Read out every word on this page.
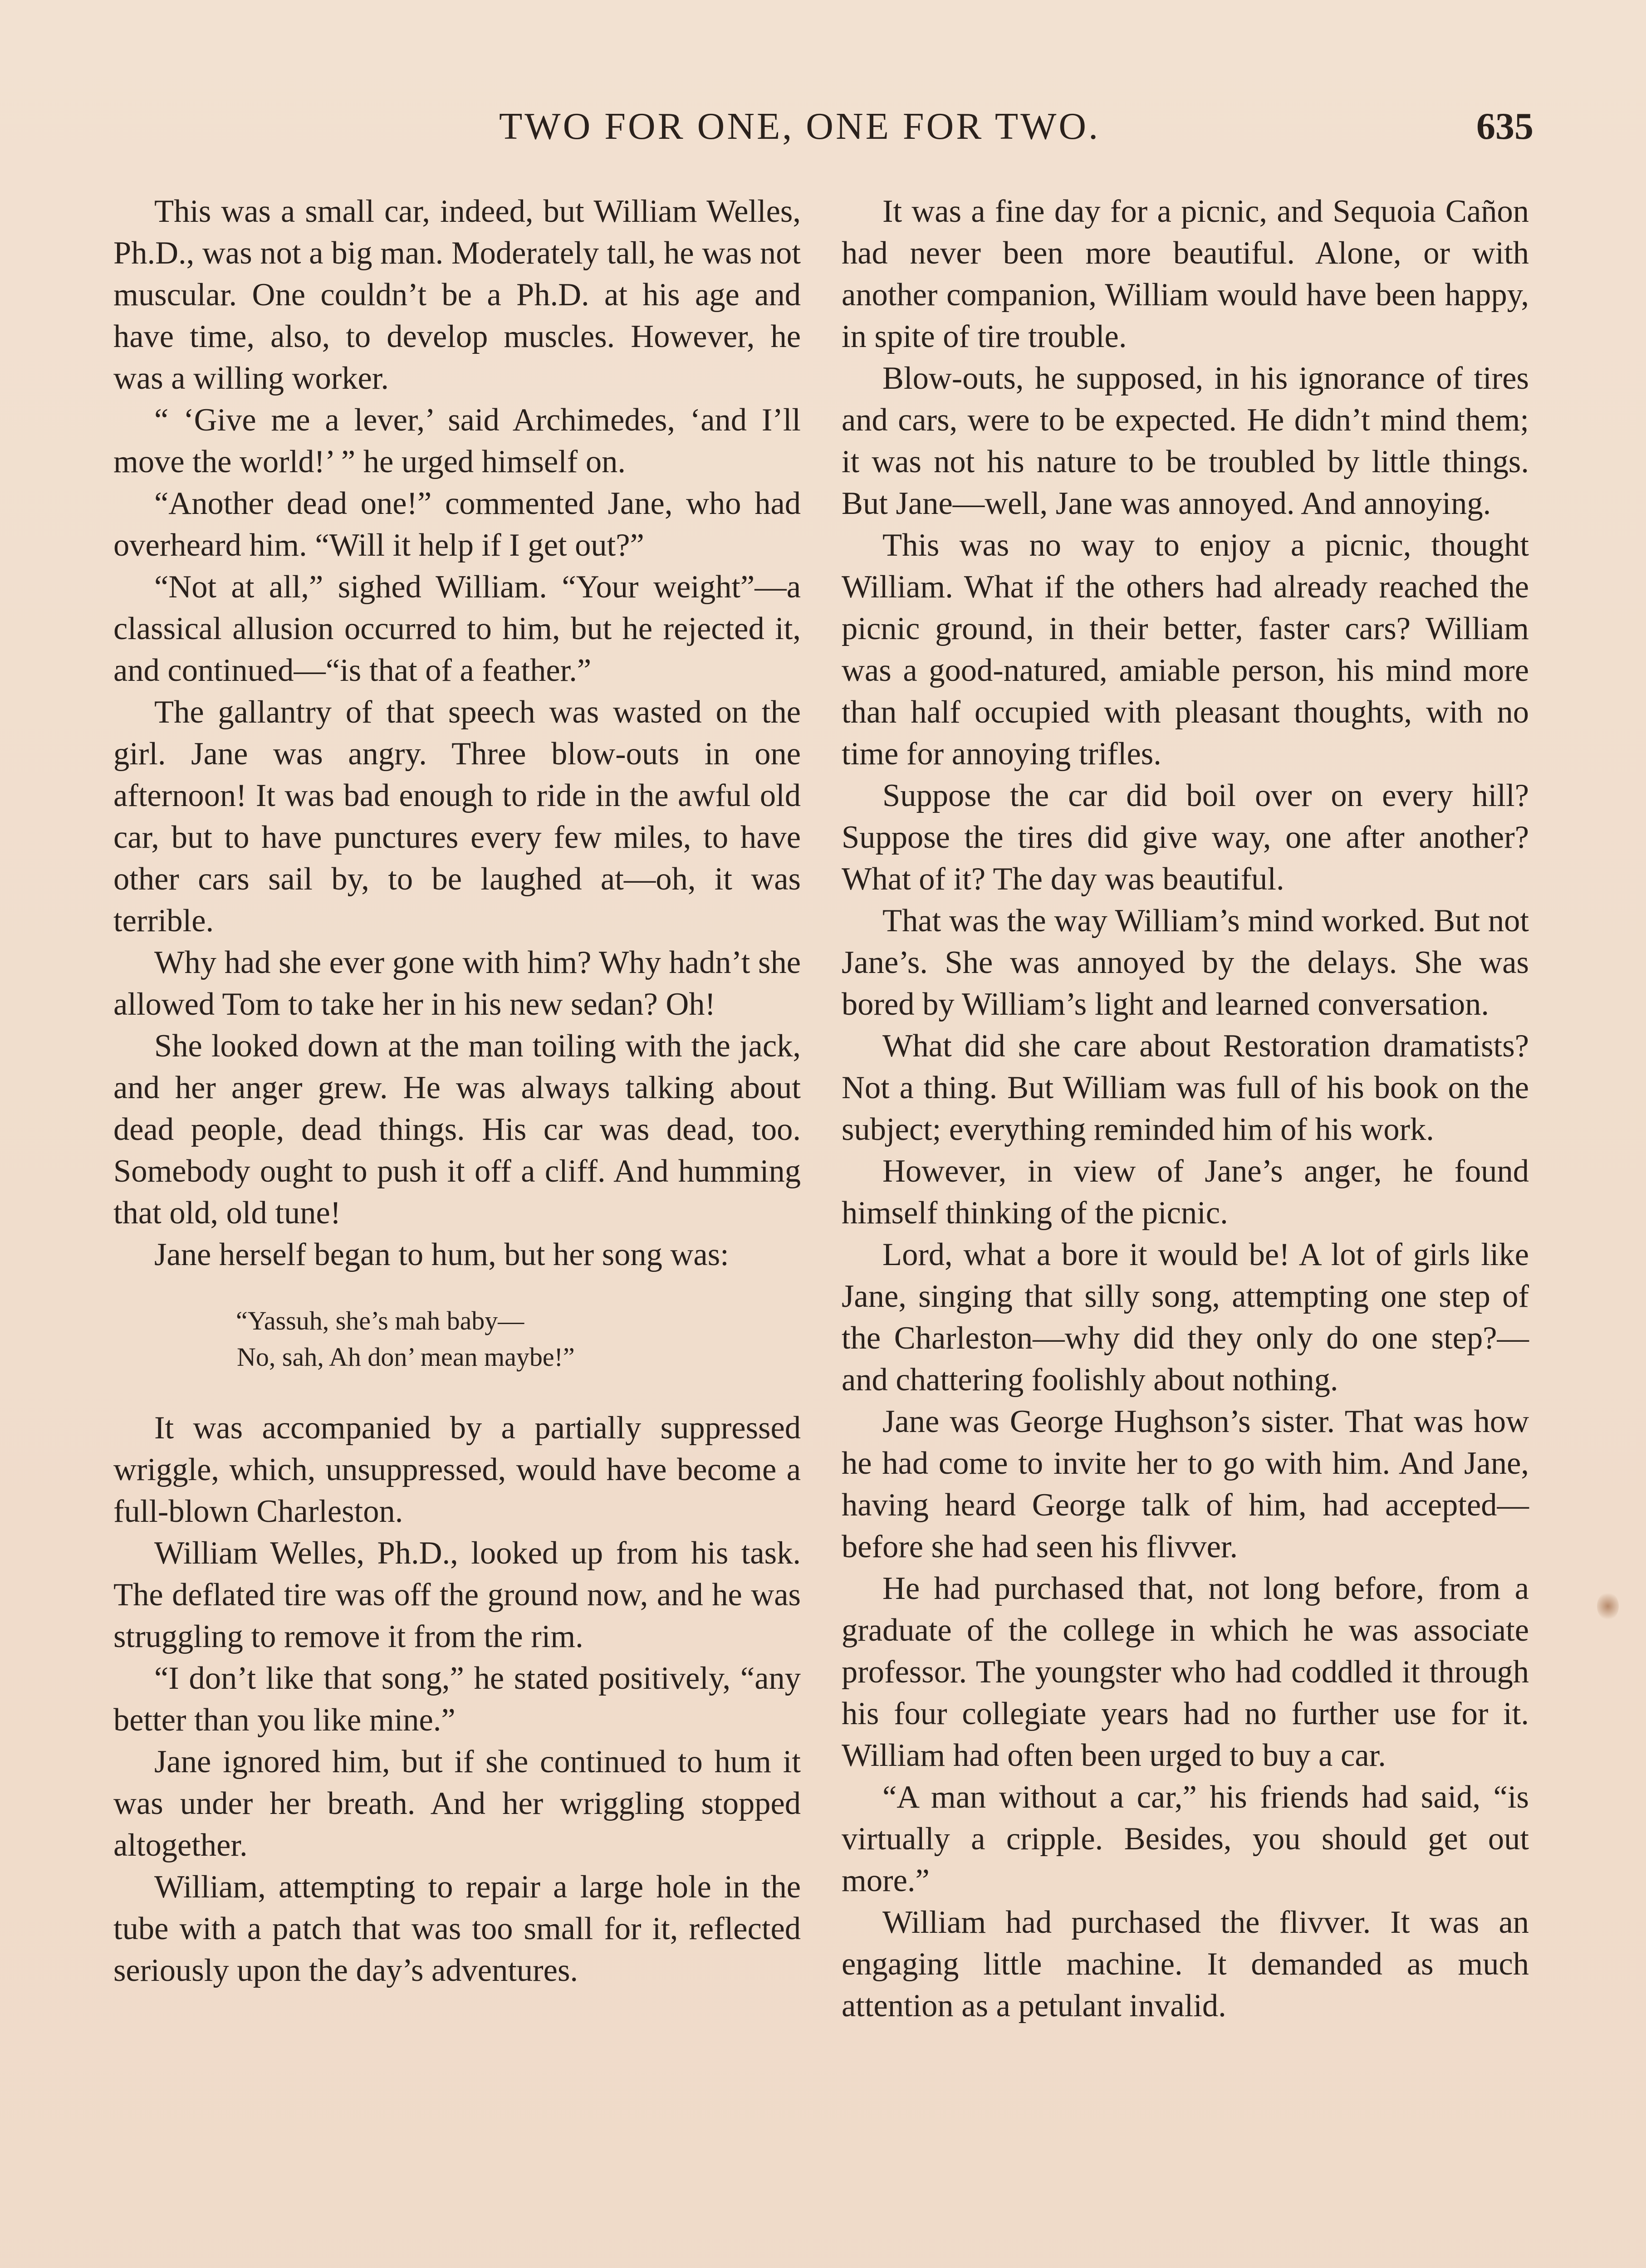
TWO FOR ONE, ONE FOR TWO.	635

This was a small car, indeed, but William Welles, Ph.D., was not a big man. Moderately tall, he was not muscular. One couldn’t be a Ph.D. at his age and have time, also, to develop muscles. However, he was a willing worker.

“ ‘Give me a lever,’ said Archimedes, ‘and I’ll move the world!’ ” he urged himself on.

“Another dead one!” commented Jane, who had overheard him. “Will it help if I get out?”

“Not at all,” sighed William. “Your weight”—a classical allusion occurred to him, but he rejected it, and continued—“is that of a feather.”

The gallantry of that speech was wasted on the girl. Jane was angry. Three blow-outs in one afternoon! It was bad enough to ride in the awful old car, but to have punctures every few miles, to have other cars sail by, to be laughed at—oh, it was terrible.

Why had she ever gone with him? Why hadn’t she allowed Tom to take her in his new sedan? Oh!

She looked down at the man toiling with the jack, and her anger grew. He was always talking about dead people, dead things. His car was dead, too. Somebody ought to push it off a cliff. And humming that old, old tune!

Jane herself began to hum, but her song was:

“Yassuh, she’s mah baby—
No, sah, Ah don’ mean maybe!”

It was accompanied by a partially suppressed wriggle, which, unsuppressed, would have become a full-blown Charleston.

William Welles, Ph.D., looked up from his task. The deflated tire was off the ground now, and he was struggling to remove it from the rim.

“I don’t like that song,” he stated positively, “any better than you like mine.”

Jane ignored him, but if she continued to hum it was under her breath. And her wriggling stopped altogether.

William, attempting to repair a large hole in the tube with a patch that was too small for it, reflected seriously upon the day’s adventures.

It was a fine day for a picnic, and Sequoia Cañon had never been more beautiful. Alone, or with another companion, William would have been happy, in spite of tire trouble.

Blow-outs, he supposed, in his ignorance of tires and cars, were to be expected. He didn’t mind them; it was not his nature to be troubled by little things. But Jane—well, Jane was annoyed. And annoying.

This was no way to enjoy a picnic, thought William. What if the others had already reached the picnic ground, in their better, faster cars? William was a good-natured, amiable person, his mind more than half occupied with pleasant thoughts, with no time for annoying trifles.

Suppose the car did boil over on every hill? Suppose the tires did give way, one after another? What of it? The day was beautiful.

That was the way William’s mind worked. But not Jane’s. She was annoyed by the delays. She was bored by William’s light and learned conversation.

What did she care about Restoration dramatists? Not a thing. But William was full of his book on the subject; everything reminded him of his work.

However, in view of Jane’s anger, he found himself thinking of the picnic.

Lord, what a bore it would be! A lot of girls like Jane, singing that silly song, attempting one step of the Charleston—why did they only do one step?—and chattering foolishly about nothing.

Jane was George Hughson’s sister. That was how he had come to invite her to go with him. And Jane, having heard George talk of him, had accepted—before she had seen his flivver.

He had purchased that, not long before, from a graduate of the college in which he was associate professor. The youngster who had coddled it through his four collegiate years had no further use for it. William had often been urged to buy a car.

“A man without a car,” his friends had said, “is virtually a cripple. Besides, you should get out more.”

William had purchased the flivver. It was an engaging little machine. It demanded as much attention as a petulant invalid.
